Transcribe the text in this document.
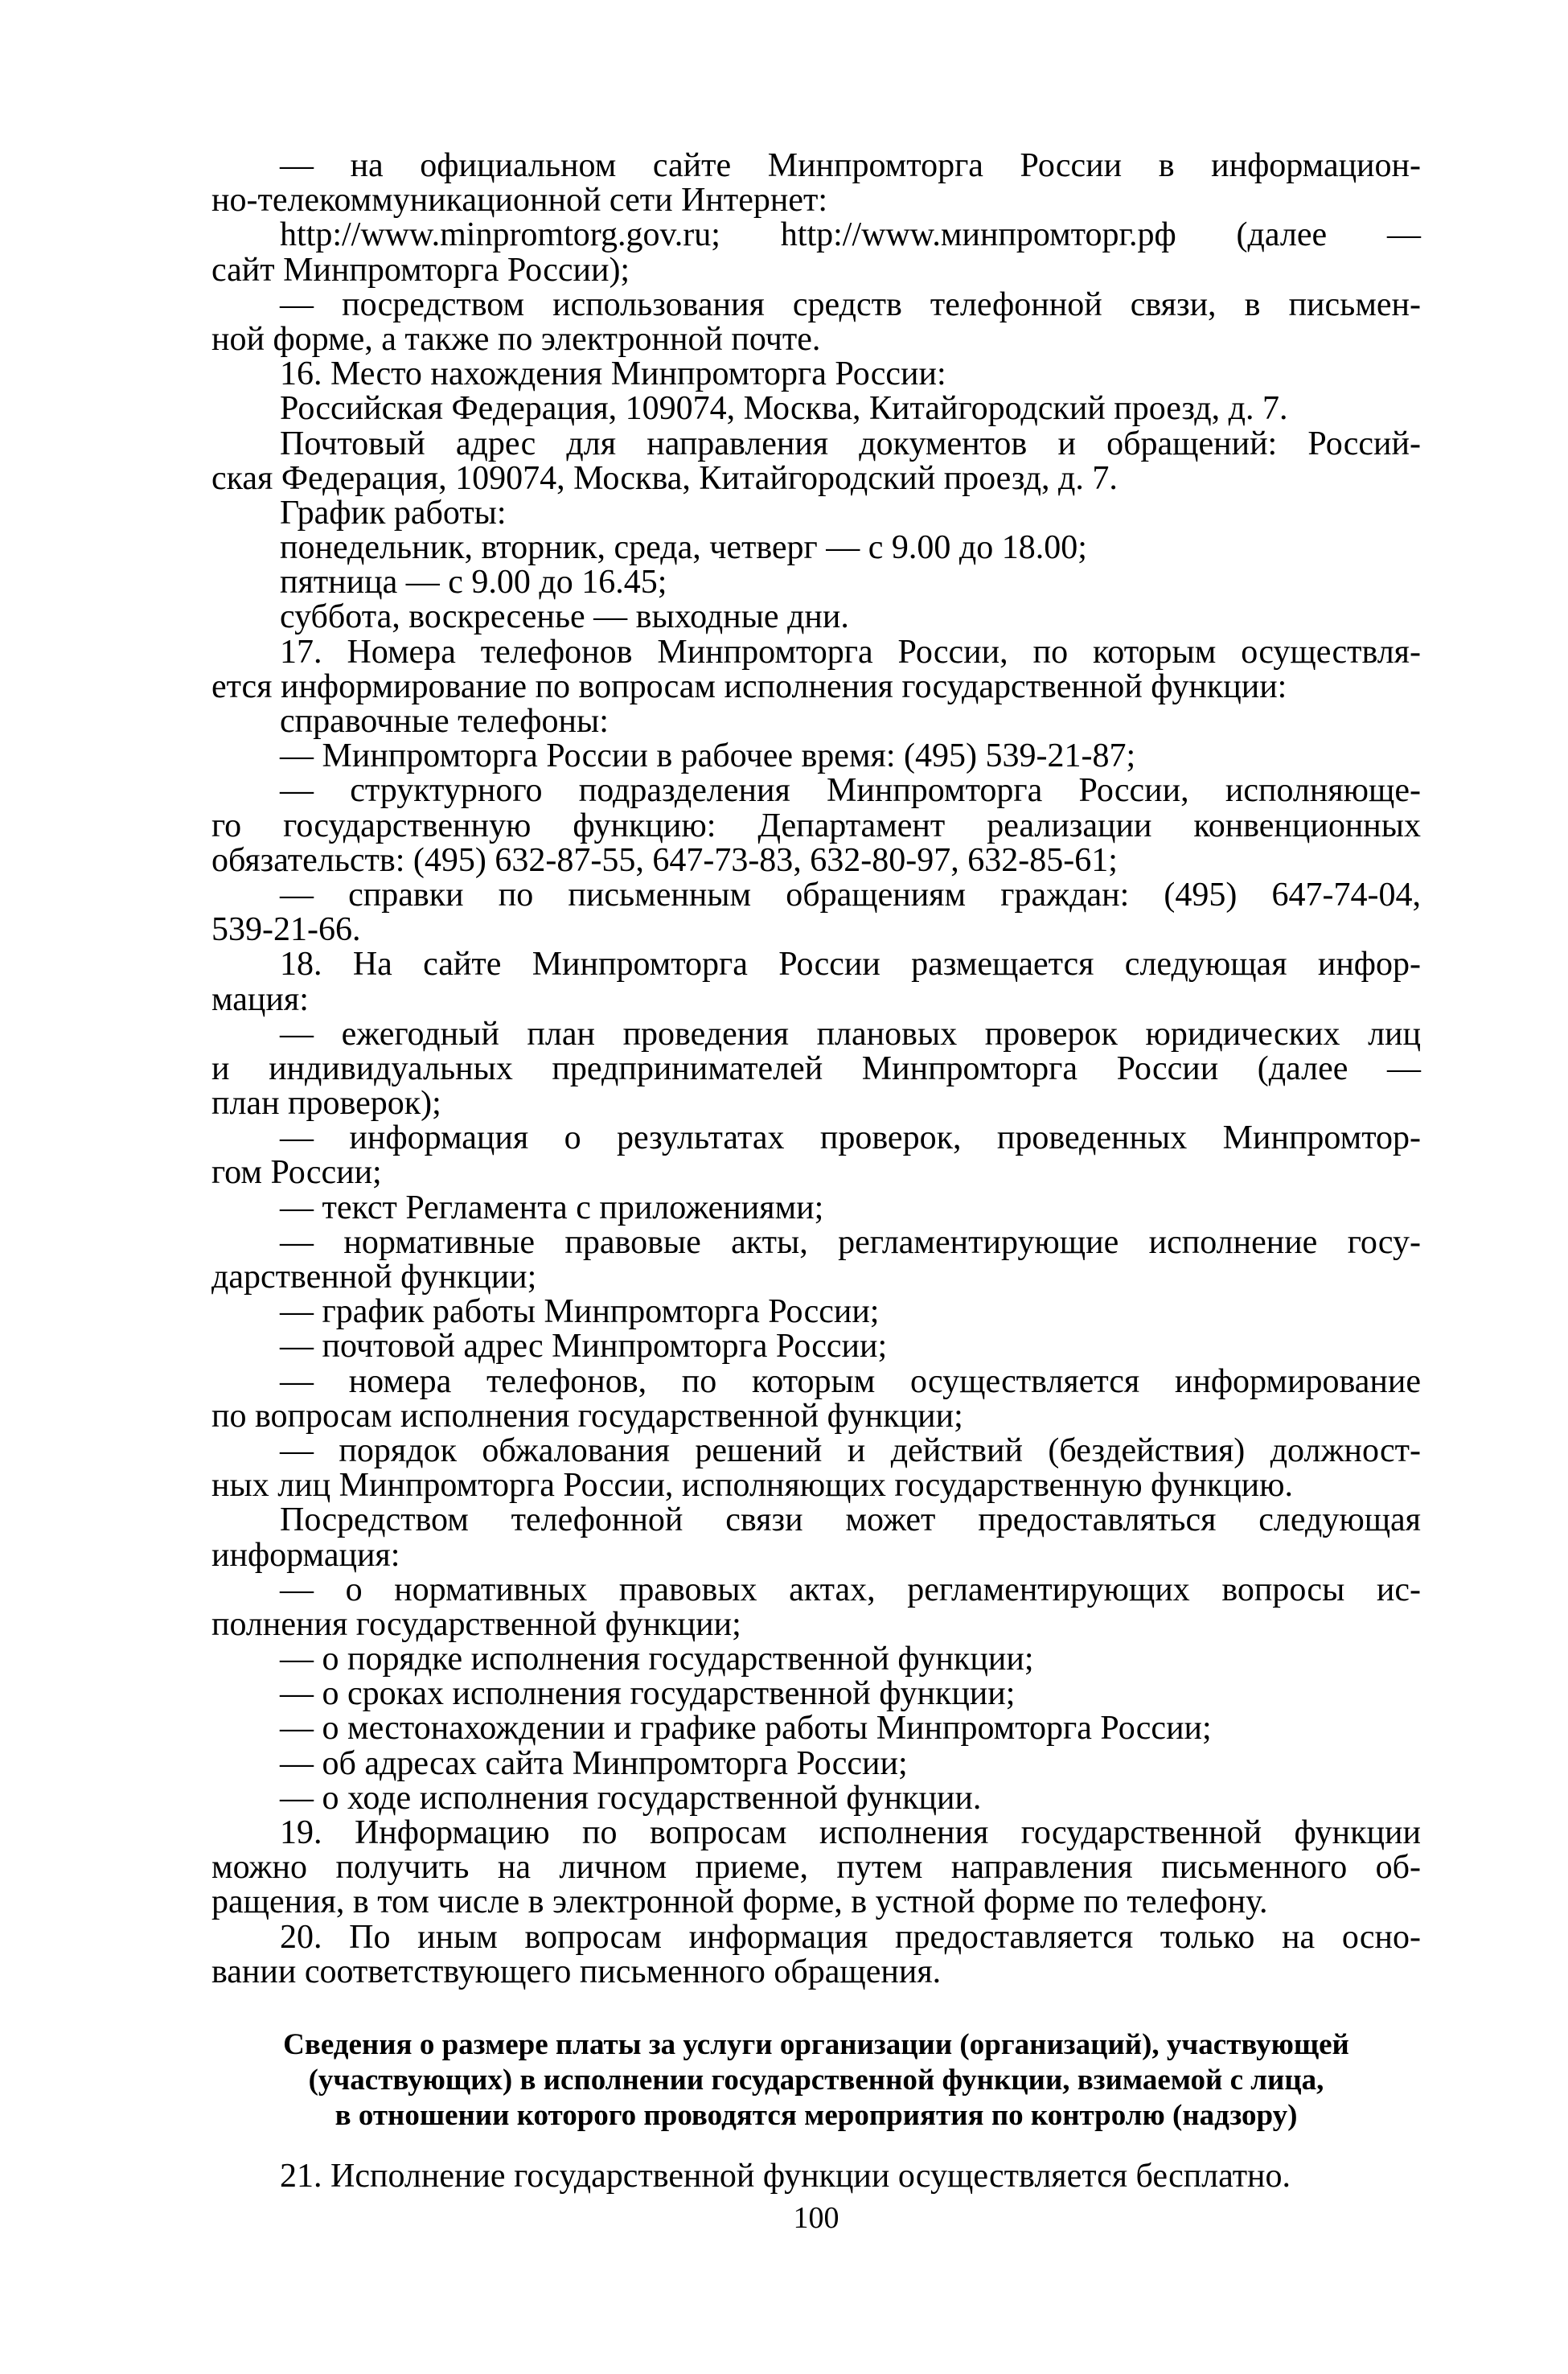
— на официальном сайте Минпромторга России в информацион-
но-телекоммуникационной сети Интернет:
http://www.minpromtorg.gov.ru; http://www.минпромторг.рф (далее —
сайт Минпромторга России);
— посредством использования средств телефонной связи, в письмен-
ной форме, а также по электронной почте.
16. Место нахождения Минпромторга России:
Российская Федерация, 109074, Москва, Китайгородский проезд, д. 7.
Почтовый адрес для направления документов и обращений: Россий-
ская Федерация, 109074, Москва, Китайгородский проезд, д. 7.
График работы:
понедельник, вторник, среда, четверг — с 9.00 до 18.00;
пятница — с 9.00 до 16.45;
суббота, воскресенье — выходные дни.
17. Номера телефонов Минпромторга России, по которым осуществля-
ется информирование по вопросам исполнения государственной функции:
справочные телефоны:
— Минпромторга России в рабочее время: (495) 539-21-87;
— структурного подразделения Минпромторга России, исполняюще-
го государственную функцию: Департамент реализации конвенционных
обязательств: (495) 632-87-55, 647-73-83, 632-80-97, 632-85-61;
— справки по письменным обращениям граждан: (495) 647-74-04,
539-21-66.
18. На сайте Минпромторга России размещается следующая инфор-
мация:
— ежегодный план проведения плановых проверок юридических лиц
и индивидуальных предпринимателей Минпромторга России (далее —
план проверок);
— информация о результатах проверок, проведенных Минпромтор-
гом России;
— текст Регламента с приложениями;
— нормативные правовые акты, регламентирующие исполнение госу-
дарственной функции;
— график работы Минпромторга России;
— почтовой адрес Минпромторга России;
— номера телефонов, по которым осуществляется информирование
по вопросам исполнения государственной функции;
— порядок обжалования решений и действий (бездействия) должност-
ных лиц Минпромторга России, исполняющих государственную функцию.
Посредством телефонной связи может предоставляться следующая
информация:
— о нормативных правовых актах, регламентирующих вопросы ис-
полнения государственной функции;
— о порядке исполнения государственной функции;
— о сроках исполнения государственной функции;
— о местонахождении и графике работы Минпромторга России;
— об адресах сайта Минпромторга России;
— о ходе исполнения государственной функции.
19. Информацию по вопросам исполнения государственной функции
можно получить на личном приеме, путем направления письменного об-
ращения, в том числе в электронной форме, в устной форме по телефону.
20. По иным вопросам информация предоставляется только на осно-
вании соответствующего письменного обращения.
Сведения о размере платы за услуги организации (организаций), участвующей
(участвующих) в исполнении государственной функции, взимаемой с лица,
в отношении которого проводятся мероприятия по контролю (надзору)
21. Исполнение государственной функции осуществляется бесплатно.
100
